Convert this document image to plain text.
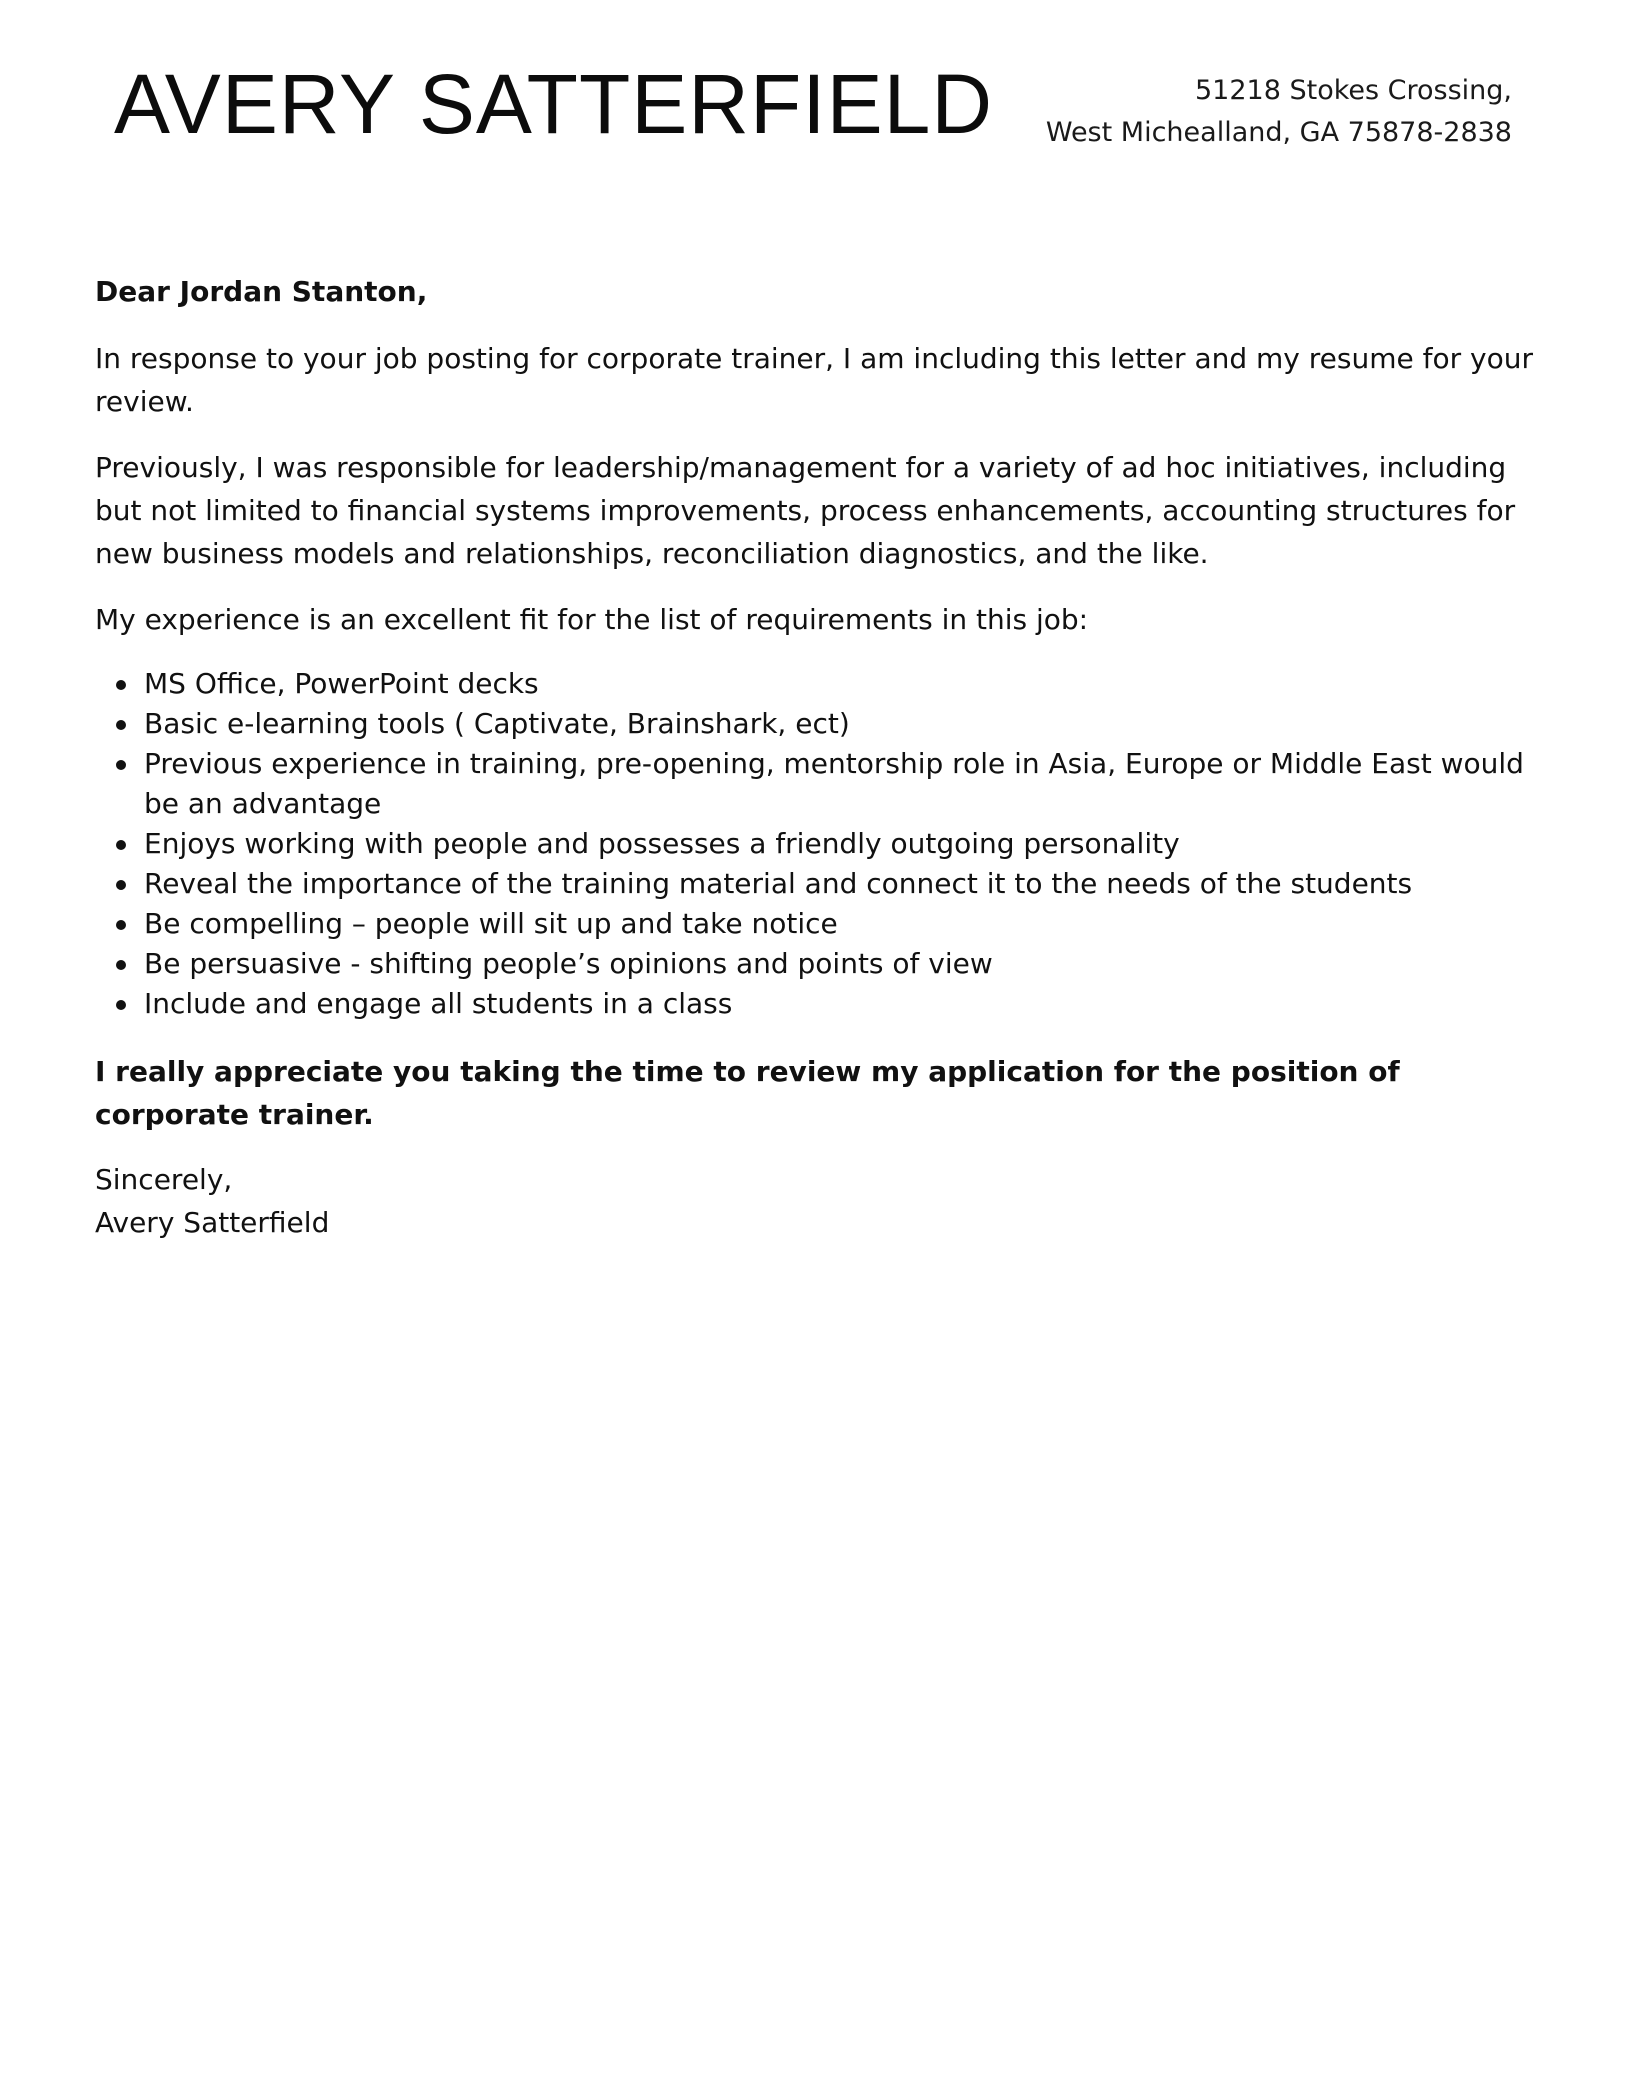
AVERY SATTERFIELD	51218 Stokes Crossing,
West Michealland, GA 75878-2838

Dear Jordan Stanton,

In response to your job posting for corporate trainer, I am including this letter and my resume for your review.

Previously, I was responsible for leadership/management for a variety of ad hoc initiatives, including but not limited to financial systems improvements, process enhancements, accounting structures for new business models and relationships, reconciliation diagnostics, and the like.

My experience is an excellent fit for the list of requirements in this job:

MS Office, PowerPoint decks
Basic e-learning tools ( Captivate, Brainshark, ect)
Previous experience in training, pre-opening, mentorship role in Asia, Europe or Middle East would be an advantage
Enjoys working with people and possesses a friendly outgoing personality
Reveal the importance of the training material and connect it to the needs of the students
Be compelling – people will sit up and take notice
Be persuasive - shifting people’s opinions and points of view
Include and engage all students in a class

I really appreciate you taking the time to review my application for the position of corporate trainer.

Sincerely,
Avery Satterfield
